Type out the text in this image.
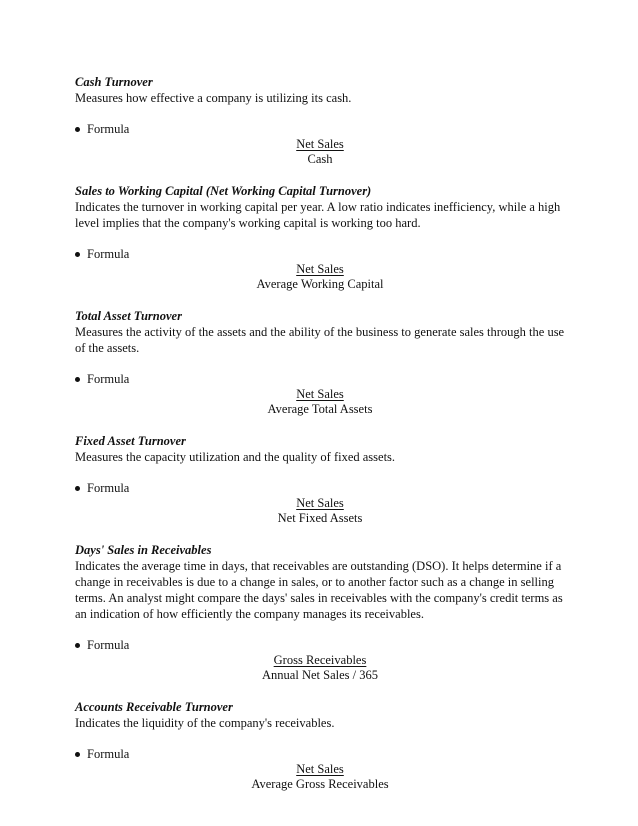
Cash Turnover
Measures how effective a company is utilizing its cash.
Formula
Net Sales
Cash
Sales to Working Capital (Net Working Capital Turnover)
Indicates the turnover in working capital per year. A low ratio indicates inefficiency, while a high level implies that the company's working capital is working too hard.
Formula
Net Sales
Average Working Capital
Total Asset Turnover
Measures the activity of the assets and the ability of the business to generate sales through the use of the assets.
Formula
Net Sales
Average Total Assets
Fixed Asset Turnover
Measures the capacity utilization and the quality of fixed assets.
Formula
Net Sales
Net Fixed Assets
Days' Sales in Receivables
Indicates the average time in days, that receivables are outstanding (DSO). It helps determine if a change in receivables is due to a change in sales, or to another factor such as a change in selling terms. An analyst might compare the days' sales in receivables with the company's credit terms as an indication of how efficiently the company manages its receivables.
Formula
Gross Receivables
Annual Net Sales / 365
Accounts Receivable Turnover
Indicates the liquidity of the company's receivables.
Formula
Net Sales
Average Gross Receivables
